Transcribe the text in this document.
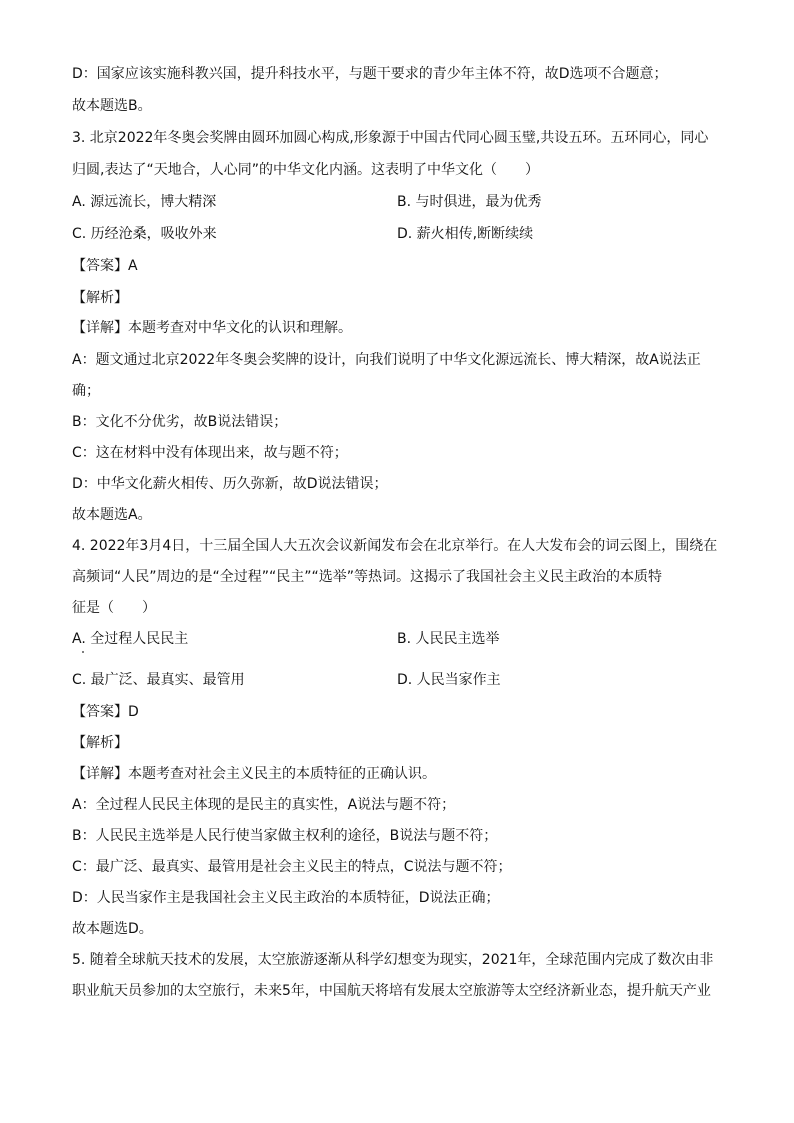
D：国家应该实施科教兴国，提升科技水平，与题干要求的青少年主体不符，故D选项不合题意；
故本题选B。
3. 北京2022年冬奥会奖牌由圆环加圆心构成,形象源于中国古代同心圆玉璧,共设五环。五环同心，同心
归圆,表达了“天地合，人心同”的中华文化内涵。这表明了中华文化（　　）
A. 源远流长，博大精深	B. 与时俱进，最为优秀
C. 历经沧桑，吸收外来	D. 薪火相传,断断续续
【答案】A
【解析】
【详解】本题考查对中华文化的认识和理解。
A：题文通过北京2022年冬奥会奖牌的设计，向我们说明了中华文化源远流长、博大精深，故A说法正
确；
B：文化不分优劣，故B说法错误；
C：这在材料中没有体现出来，故与题不符；
D：中华文化薪火相传、历久弥新，故D说法错误；
故本题选A。
4. 2022年3月4日，十三届全国人大五次会议新闻发布会在北京举行。在人大发布会的词云图上，围绕在
高频词“人民”周边的是“全过程”“民主”“选举”等热词。这揭示了我国社会主义民主政治的本质特
征是（　　）
A. 全过程人民民主	B. 人民民主选举
C. 最广泛、最真实、最管用	D. 人民当家作主
【答案】D
【解析】
【详解】本题考查对社会主义民主的本质特征的正确认识。
A：全过程人民民主体现的是民主的真实性，A说法与题不符；
B：人民民主选举是人民行使当家做主权利的途径，B说法与题不符；
C：最广泛、最真实、最管用是社会主义民主的特点，C说法与题不符；
D：人民当家作主是我国社会主义民主政治的本质特征，D说法正确；
故本题选D。
5. 随着全球航天技术的发展，太空旅游逐渐从科学幻想变为现实，2021年，全球范围内完成了数次由非
职业航天员参加的太空旅行，未来5年，中国航天将培有发展太空旅游等太空经济新业态，提升航天产业
